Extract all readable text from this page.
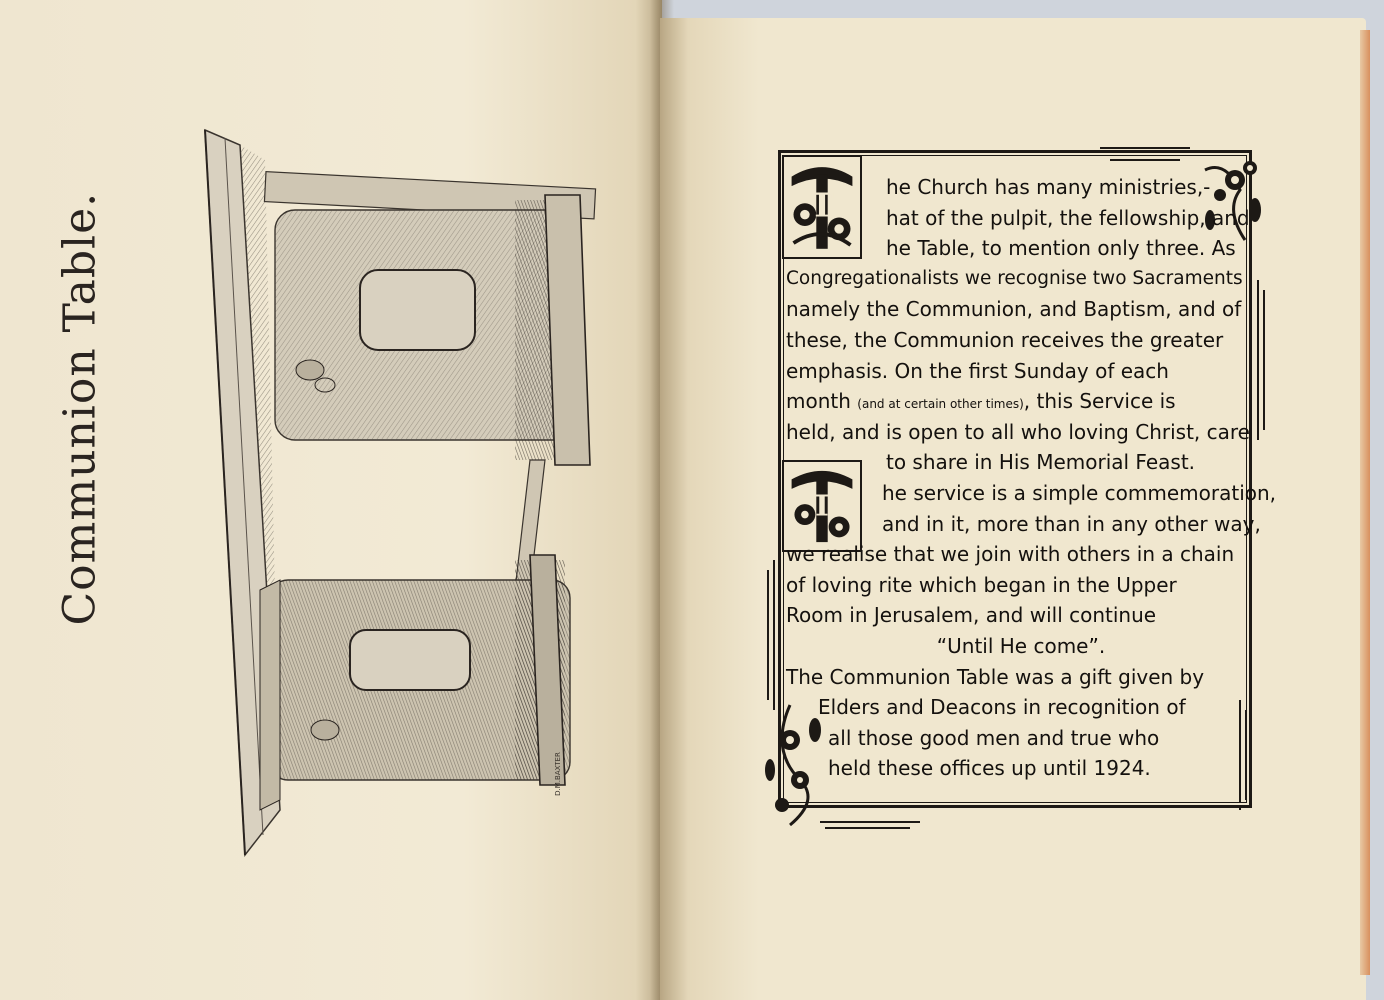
Communion Table.
D.M.BAXTER
T
T
he Church has many ministries,-
hat of the pulpit, the fellowship, and
he Table, to mention only three. As
Congregationalists we recognise two Sacraments
namely the Communion, and Baptism, and of
these, the Communion receives the greater
emphasis. On the first Sunday of each
month (and at certain other times), this Service is
held, and is open to all who loving Christ, care
to share in His Memorial Feast.
he service is a simple commemoration,
and in it, more than in any other way,
we realise that we join with others in a chain
of loving rite which began in the Upper
Room in Jerusalem, and will continue
“Until He come”.
The Communion Table was a gift given by
Elders and Deacons in recognition of
all those good men and true who
held these offices up until 1924.
